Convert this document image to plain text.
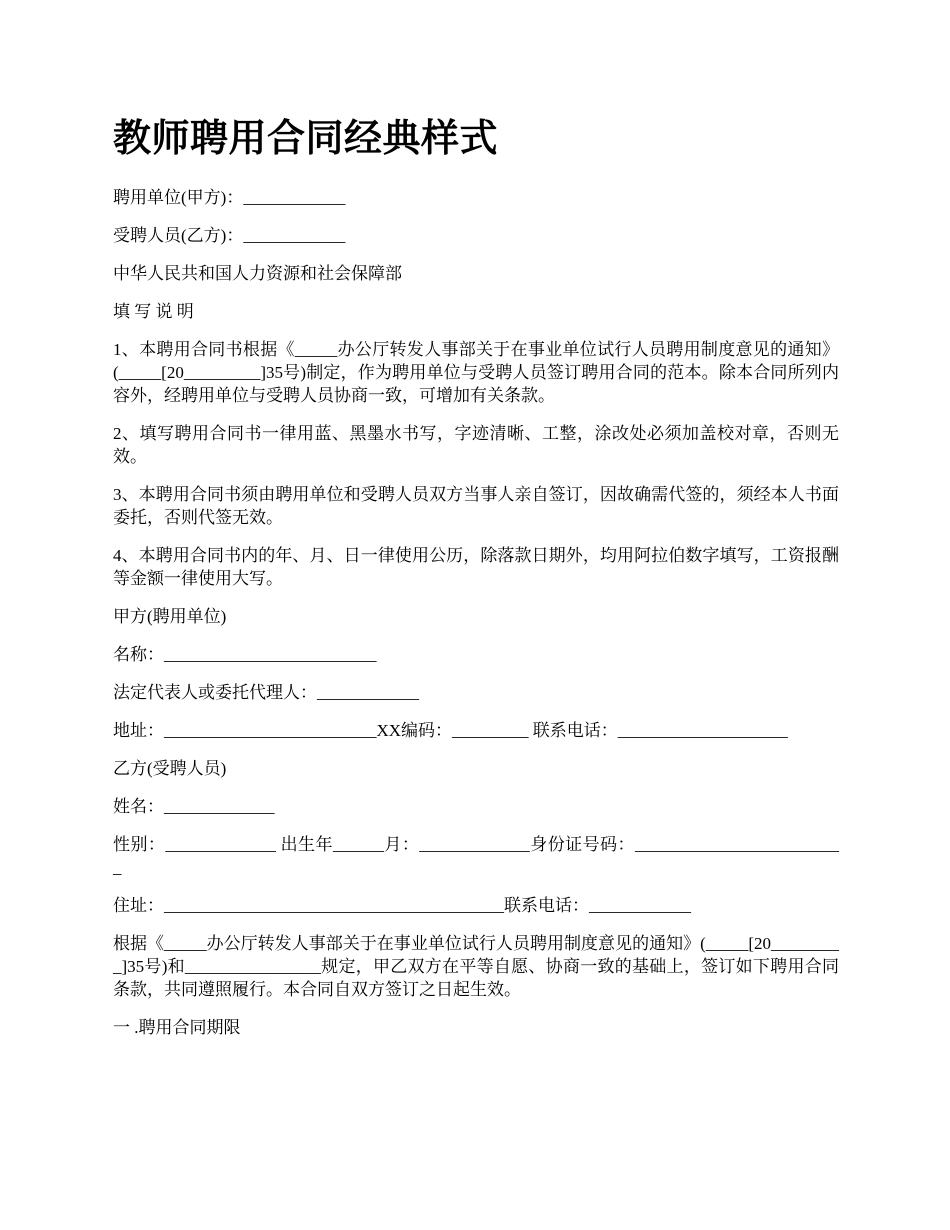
教师聘用合同经典样式

聘用单位(甲方)：____________

受聘人员(乙方)：____________

中华人民共和国人力资源和社会保障部

填 写 说 明

1、本聘用合同书根据《_____办公厅转发人事部关于在事业单位试行人员聘用制度意见的通知》(_____[20_________]35号)制定，作为聘用单位与受聘人员签订聘用合同的范本。除本合同所列内容外，经聘用单位与受聘人员协商一致，可增加有关条款。

2、填写聘用合同书一律用蓝、黑墨水书写，字迹清晰、工整，涂改处必须加盖校对章，否则无效。

3、本聘用合同书须由聘用单位和受聘人员双方当事人亲自签订，因故确需代签的，须经本人书面委托，否则代签无效。

4、本聘用合同书内的年、月、日一律使用公历，除落款日期外，均用阿拉伯数字填写，工资报酬等金额一律使用大写。

甲方(聘用单位)

名称：_________________________

法定代表人或委托代理人：____________

地址：_________________________XX编码：_________ 联系电话：____________________

乙方(受聘人员)

姓名：_____________

性别：_____________ 出生年______月：_____________身份证号码：_________________________

住址：________________________________________联系电话：____________

根据《_____办公厅转发人事部关于在事业单位试行人员聘用制度意见的通知》(_____[20_________]35号)和________________规定，甲乙双方在平等自愿、协商一致的基础上，签订如下聘用合同条款，共同遵照履行。本合同自双方签订之日起生效。

一 .聘用合同期限
